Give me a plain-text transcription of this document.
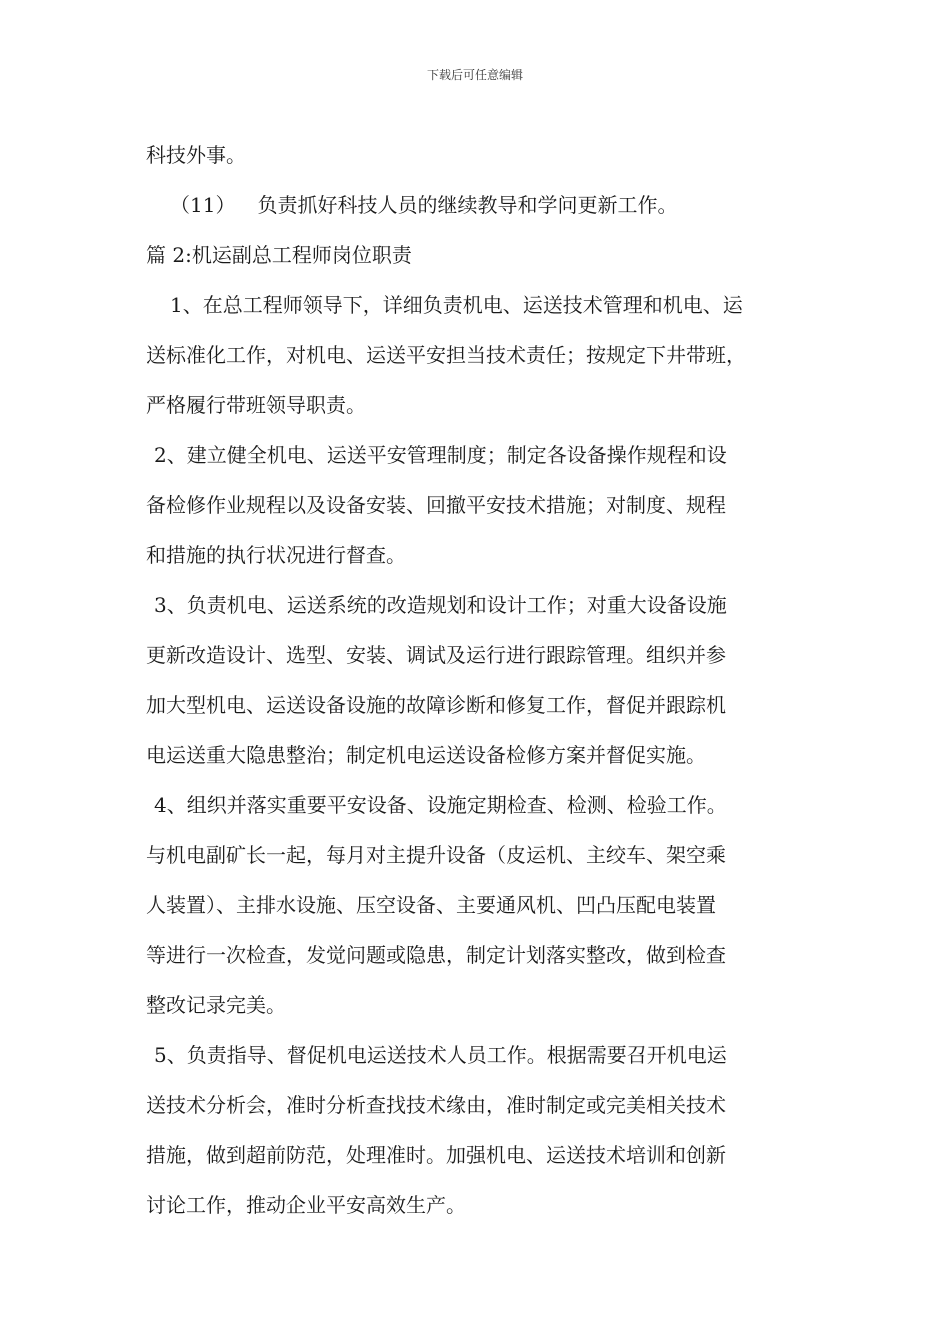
下载后可任意编辑
科技外事。
（11） 负责抓好科技人员的继续教导和学问更新工作。
篇 2:机运副总工程师岗位职责
1、在总工程师领导下，详细负责机电、运送技术管理和机电、运
送标准化工作，对机电、运送平安担当技术责任；按规定下井带班，
严格履行带班领导职责。
2、建立健全机电、运送平安管理制度；制定各设备操作规程和设
备检修作业规程以及设备安装、回撤平安技术措施；对制度、规程
和措施的执行状况进行督查。
3、负责机电、运送系统的改造规划和设计工作；对重大设备设施
更新改造设计、选型、安装、调试及运行进行跟踪管理。组织并参
加大型机电、运送设备设施的故障诊断和修复工作，督促并跟踪机
电运送重大隐患整治；制定机电运送设备检修方案并督促实施。
4、组织并落实重要平安设备、设施定期检查、检测、检验工作。
与机电副矿长一起，每月对主提升设备（皮运机、主绞车、架空乘
人装置）、主排水设施、压空设备、主要通风机、凹凸压配电装置
等进行一次检查，发觉问题或隐患，制定计划落实整改，做到检查
整改记录完美。
5、负责指导、督促机电运送技术人员工作。根据需要召开机电运
送技术分析会，准时分析查找技术缘由，准时制定或完美相关技术
措施，做到超前防范，处理准时。加强机电、运送技术培训和创新
讨论工作，推动企业平安高效生产。
